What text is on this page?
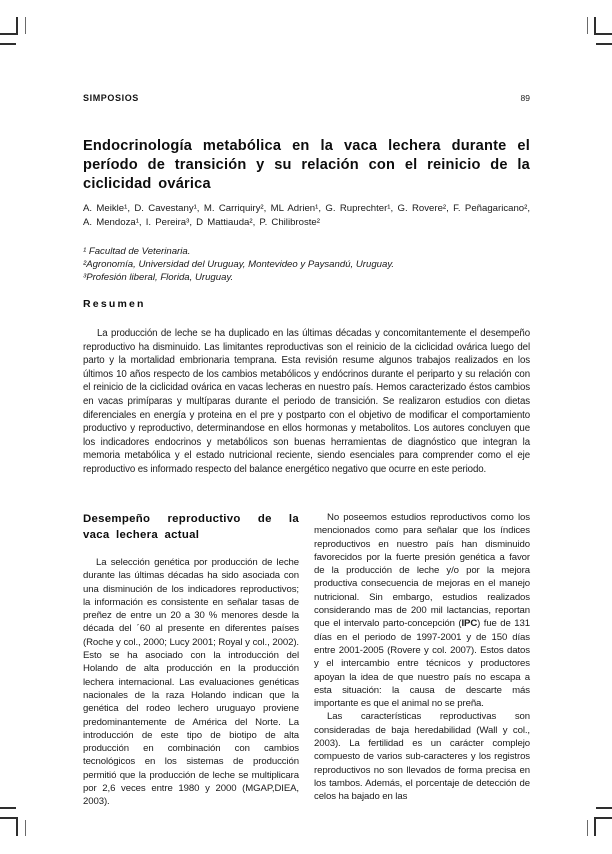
SIMPOSIOS	89
Endocrinología metabólica en la vaca lechera durante el período de transición y su relación con el reinicio de la ciclicidad ovárica
A. Meikle¹, D. Cavestany¹, M. Carriquiry², ML Adrien¹, G. Ruprechter¹, G. Rovere², F. Peñagaricano², A. Mendoza¹, I. Pereira³, D Mattiauda², P. Chilibroste²
¹ Facultad de Veterinaria.
²Agronomía, Universidad del Uruguay, Montevideo y Paysandú, Uruguay.
³Profesión liberal, Florida, Uruguay.
Resumen
La producción de leche se ha duplicado en las últimas décadas y concomitantemente el desempeño reproductivo ha disminuido. Las limitantes reproductivas son el reinicio de la ciclicidad ovárica luego del parto y la mortalidad embrionaria temprana. Esta revisión resume algunos trabajos realizados en los últimos 10 años respecto de los cambios metabólicos y endócrinos durante el periparto y su relación con el reinicio de la ciclicidad ovárica en vacas lecheras en nuestro país. Hemos caracterizado éstos cambios en vacas primíparas y multíparas durante el periodo de transición. Se realizaron estudios con dietas diferenciales en energía y proteina en el pre y postparto con el objetivo de modificar el comportamiento productivo y reproductivo, determinandose en ellos hormonas y metabolitos. Los autores concluyen que los indicadores endocrinos y metabólicos son buenas herramientas de diagnóstico que integran la memoria metabólica y el estado nutricional reciente, siendo esenciales para comprender como el eje reproductivo es informado respecto del balance energético negativo que ocurre en este periodo.
Desempeño reproductivo de la vaca lechera actual

La selección genética por producción de leche durante las últimas décadas ha sido asociada con una disminución de los indicadores reproductivos; la información es consistente en señalar tasas de preñez de entre un 20 a 30 % menores desde la década del ´60 al presente en diferentes países (Roche y col., 2000; Lucy 2001; Royal y col., 2002). Esto se ha asociado con la introducción del Holando de alta producción en la producción lechera internacional. Las evaluaciones genéticas nacionales de la raza Holando indican que la genética del rodeo lechero uruguayo proviene predominantemente de América del Norte. La introducción de este tipo de biotipo de alta producción en combinación con cambios tecnológicos en los sistemas de producción permitió que la producción de leche se multiplicara por 2,6 veces entre 1980 y 2000 (MGAP,DIEA, 2003).

No poseemos estudios reproductivos como los mencionados como para señalar que los índices reproductivos en nuestro país han disminuido favorecidos por la fuerte presión genética a favor de la producción de leche y/o por la mejora productiva consecuencia de mejoras en el manejo nutricional. Sin embargo, estudios realizados considerando mas de 200 mil lactancias, reportan que el intervalo parto-concepción (IPC) fue de 131 días en el periodo de 1997-2001 y de 150 días entre 2001-2005 (Rovere y col. 2007). Estos datos y el intercambio entre técnicos y productores apoyan la idea de que nuestro país no escapa a esta situación: la causa de descarte más importante es que el animal no se preña.

Las características reproductivas son consideradas de baja heredabilidad (Wall y col., 2003). La fertilidad es un carácter complejo compuesto de varios sub-caracteres y los registros reproductivos no son llevados de forma precisa en los tambos. Además, el porcentaje de detección de celos ha bajado en las
